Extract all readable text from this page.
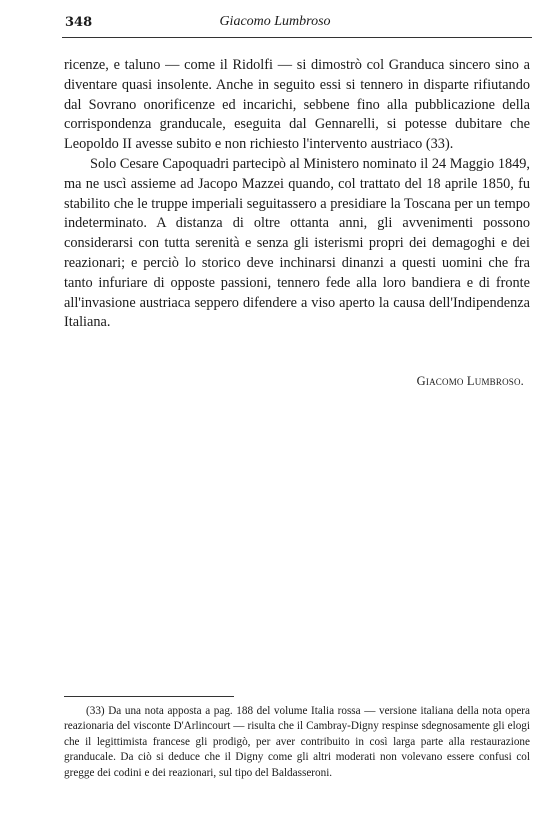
348	Giacomo Lumbroso

ricenze, e taluno — come il Ridolfi — si dimostrò col Granduca sincero sino a diventare quasi insolente. Anche in seguito essi si tennero in disparte rifiutando dal Sovrano onorificenze ed incarichi, sebbene fino alla pubblicazione della corrispondenza granducale, eseguita dal Gennarelli, si potesse dubitare che Leopoldo II avesse subito e non richiesto l'intervento austriaco (33).

Solo Cesare Capoquadri partecipò al Ministero nominato il 24 Maggio 1849, ma ne uscì assieme ad Jacopo Mazzei quando, col trattato del 18 aprile 1850, fu stabilito che le truppe imperiali seguitassero a presidiare la Toscana per un tempo indeterminato. A distanza di oltre ottanta anni, gli avvenimenti possono considerarsi con tutta serenità e senza gli isterismi propri dei demagoghi e dei reazionari; e perciò lo storico deve inchinarsi dinanzi a questi uomini che fra tanto infuriare di opposte passioni, tennero fede alla loro bandiera e di fronte all'invasione austriaca seppero difendere a viso aperto la causa dell'Indipendenza Italiana.

Giacomo Lumbroso.

(33) Da una nota apposta a pag. 188 del volume Italia rossa — versione italiana della nota opera reazionaria del visconte D'Arlincourt — risulta che il Cambray-Digny respinse sdegnosamente gli elogi che il legittimista francese gli prodigò, per aver contribuito in così larga parte alla restaurazione granducale. Da ciò si deduce che il Digny come gli altri moderati non volevano essere confusi col gregge dei codini e dei reazionari, sul tipo del Baldasseroni.
